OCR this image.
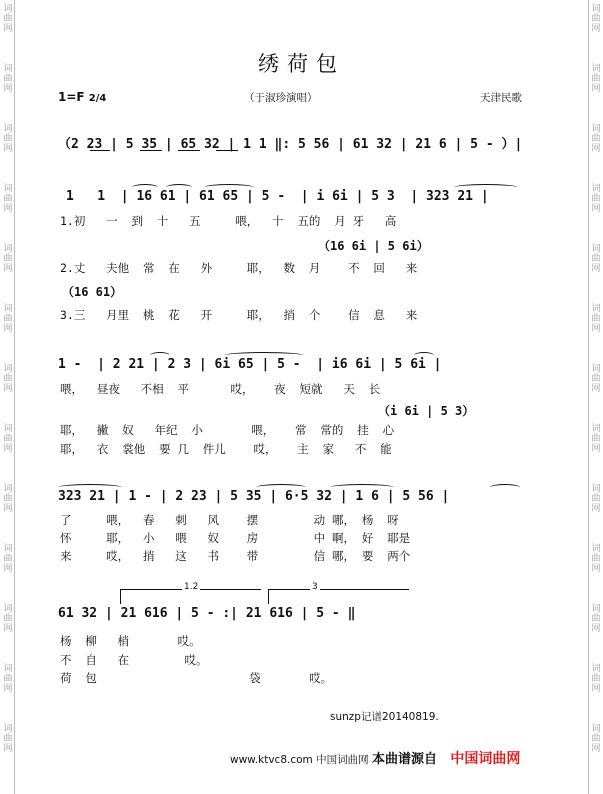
词
曲
网
词
曲
网
词
曲
网
词
曲
网
词
曲
网
词
曲
网
词
曲
网
词
曲
网
词
曲
网
词
曲
网
词
曲
网
词
曲
网
词
曲
网
词
曲
网
词
曲
网
词
曲
网
词
曲
网
词
曲
网
词
曲
网
词
曲
网
词
曲
网
词
曲
网
词
曲
网
词
曲
网
词
曲
网
词
曲
网
绣荷包
1=F 2/4	（于淑珍演唱）	天津民歌
（2 23 | 5 35 | 65 32 | 1 1 ‖: 5 56 | 61 32 | 21 6 | 5 - ）|
1   1  | 16 61 | 61 65 | 5 -  | i 6i | 5 3  | 323 21 |
1.初   一  到  十   五     喂，  十  五的  月 牙   高
（16 6i | 5 6i）
2.丈   夫他  常  在   外     耶，  数  月    不  回   来
（16 61）
3.三   月里  桃  花   开     耶，  捎  个    信  息   来
1 -  | 2 21 | 2 3 | 6i 65 | 5 -  | i6 6i | 5 6i |
喂，  昼夜   不相  平      哎，   夜  短就   天  长
（i 6i | 5 3）
耶，  撇  奴   年纪  小       喂，   常  常的  挂  心
耶，  衣  裳他  要 几  件儿    哎，   主  家   不  能
323 21 | 1 - | 2 23 | 5 35 | 6·5 32 | 1 6 | 5 56 |
了     喂，  春   刺   风    摆        动 哪， 杨  呀
怀     耶，  小   喂   奴    房        中 啊， 好  耶是
来     哎，  捎   这   书    带        信 哪， 要  两个
1.2	3
61 32 | 21 616 | 5 - :| 21 616 | 5 - ‖
杨  柳   梢       哎。
不  自   在        哎。
荷  包                      袋       哎。
sunzp记谱20140819.
www.ktvc8.com 中国词曲网 本曲谱源自 中国词曲网
